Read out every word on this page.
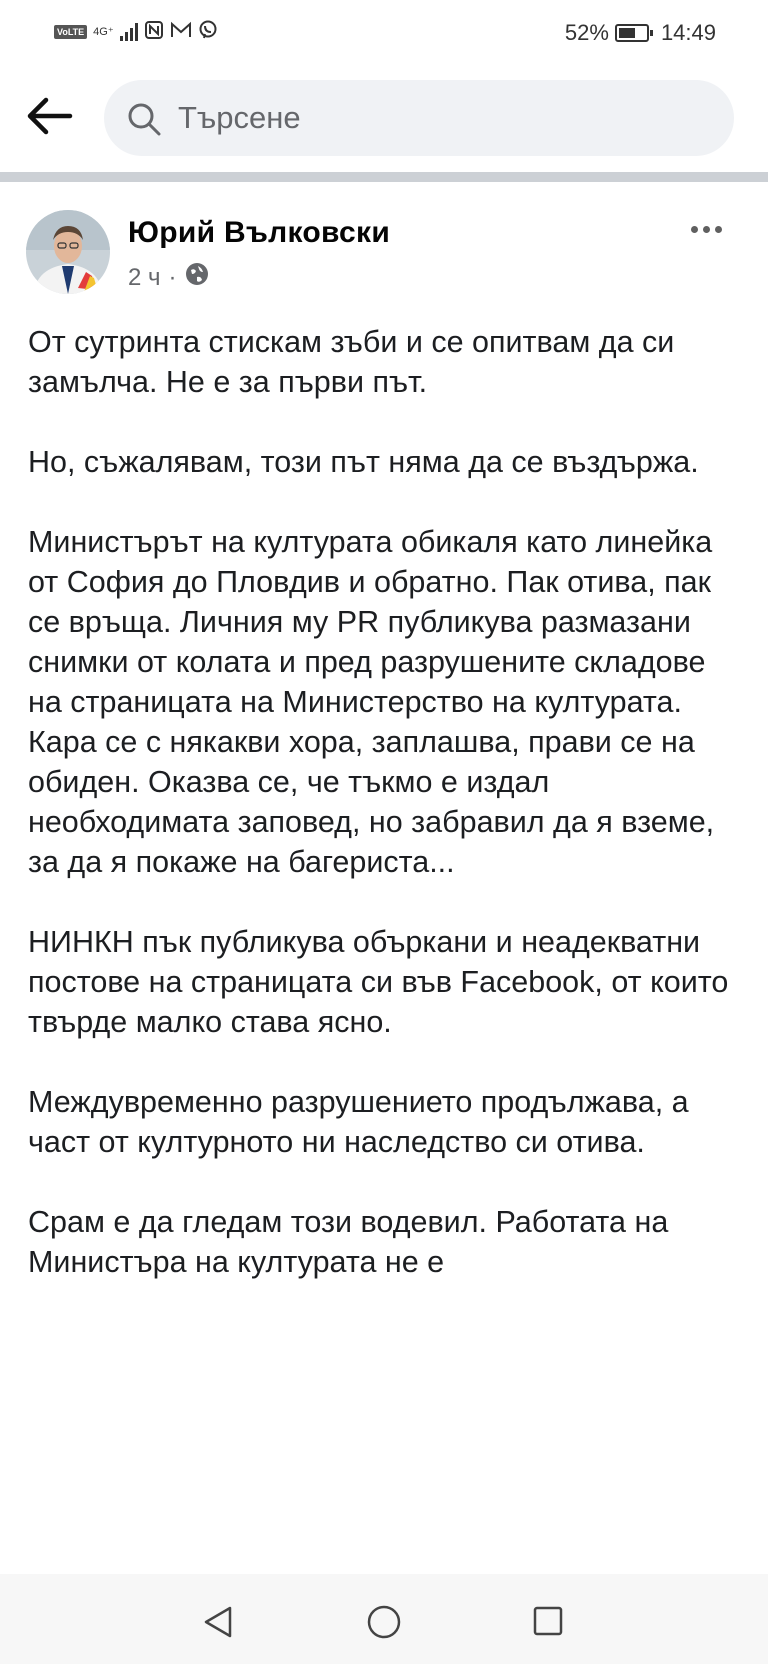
VoLTE 4G⁺	52% 14:49
Търсене
Юрий Вълковски
2 ч ·

От сутринта стискам зъби и се опитвам да си замълча. Не е за първи път.

Но, съжалявам, този път няма да се въздържа.

Министърът на културата обикаля като линейка от София до Пловдив и обратно. Пак отива, пак се връща. Личния му PR публикува размазани снимки от колата и пред разрушените складове на страницата на Министерство на културата. Кара се с някакви хора, заплашва, прави се на обиден. Оказва се, че тъкмо е издал необходимата заповед, но забравил да я вземе, за да я покаже на багериста...

НИНКН пък публикува объркани и неадекватни постове на страницата си във Facebook, от които твърде малко става ясно.

Междувременно разрушението продължава, а част от културното ни наследство си отива.

Срам е да гледам този водевил. Работата на Министъра на културата не е
